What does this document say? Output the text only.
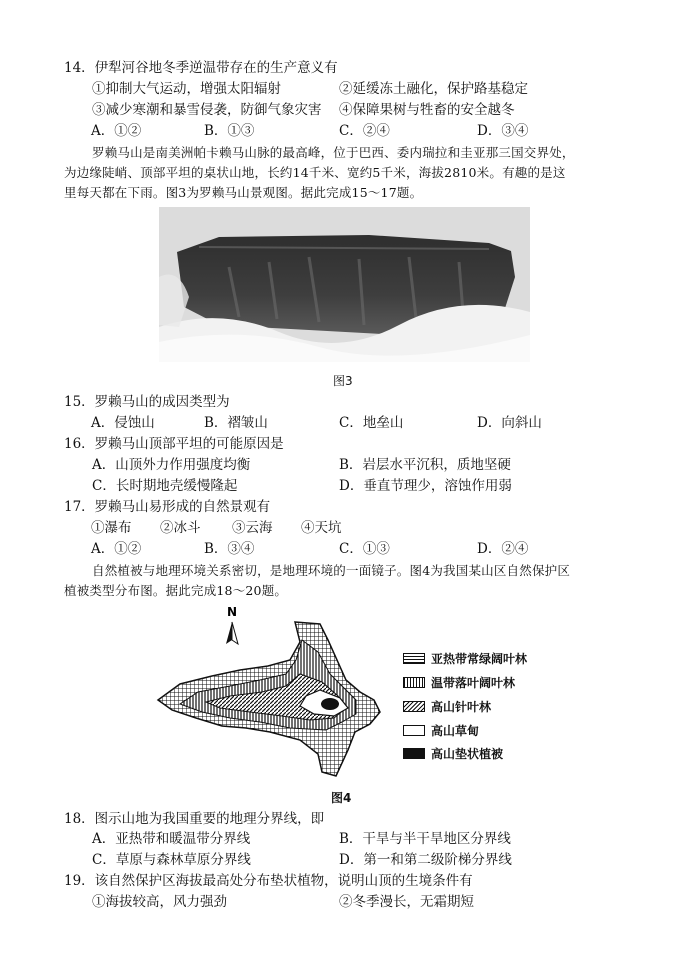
14．伊犁河谷地冬季逆温带存在的生产意义有
①抑制大气运动，增强太阳辐射	②延缓冻土融化，保护路基稳定
③减少寒潮和暴雪侵袭，防御气象灾害 ④保障果树与牲畜的安全越冬
A．①②	B．①③	C．②④	D．③④
罗赖马山是南美洲帕卡赖马山脉的最高峰，位于巴西、委内瑞拉和圭亚那三国交界处，
为边缘陡峭、顶部平坦的桌状山地，长约14千米、宽约5千米，海拔2810米。有趣的是这
里每天都在下雨。图3为罗赖马山景观图。据此完成15～17题。
图3
15．罗赖马山的成因类型为
A．侵蚀山	B．褶皱山	C．地垒山	D．向斜山
16．罗赖马山顶部平坦的可能原因是
A．山顶外力作用强度均衡	B．岩层水平沉积，质地坚硬
C．长时期地壳缓慢隆起	D．垂直节理少，溶蚀作用弱
17．罗赖马山易形成的自然景观有
①瀑布 ②冰斗 ③云海 ④天坑
A．①②	B．③④	C．①③	D．②④
自然植被与地理环境关系密切，是地理环境的一面镜子。图4为我国某山区自然保护区
植被类型分布图。据此完成18～20题。
N
亚热带常绿阔叶林
温带落叶阔叶林
高山针叶林
高山草甸
高山垫状植被
图4
18．图示山地为我国重要的地理分界线，即
A．亚热带和暖温带分界线	B．干旱与半干旱地区分界线
C．草原与森林草原分界线	D．第一和第二级阶梯分界线
19．该自然保护区海拔最高处分布垫状植物，说明山顶的生境条件有
①海拔较高，风力强劲	②冬季漫长，无霜期短
